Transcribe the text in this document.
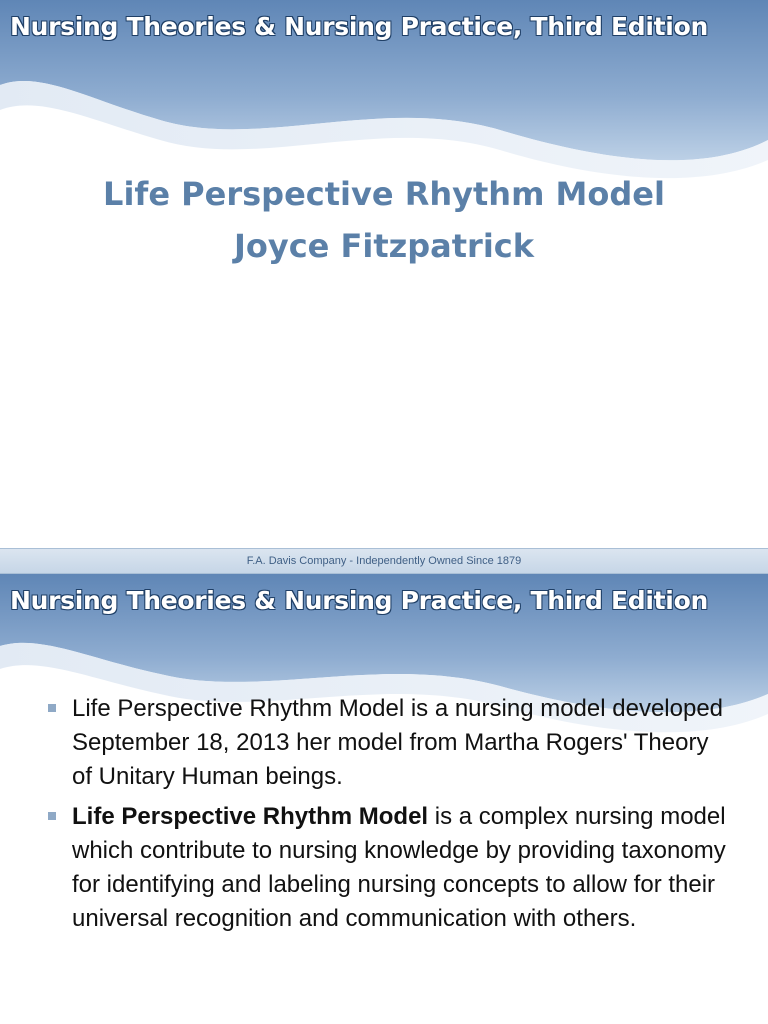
Nursing Theories & Nursing Practice, Third Edition
Life Perspective Rhythm Model
Joyce Fitzpatrick
F.A. Davis Company - Independently Owned Since 1879
Nursing Theories & Nursing Practice, Third Edition
Life Perspective Rhythm Model is a nursing model developed September 18, 2013 her model from Martha Rogers' Theory of Unitary Human beings.
Life Perspective Rhythm Model is a complex nursing model which contribute to nursing knowledge by providing taxonomy for identifying and labeling nursing concepts to allow for their universal recognition and communication with others.
